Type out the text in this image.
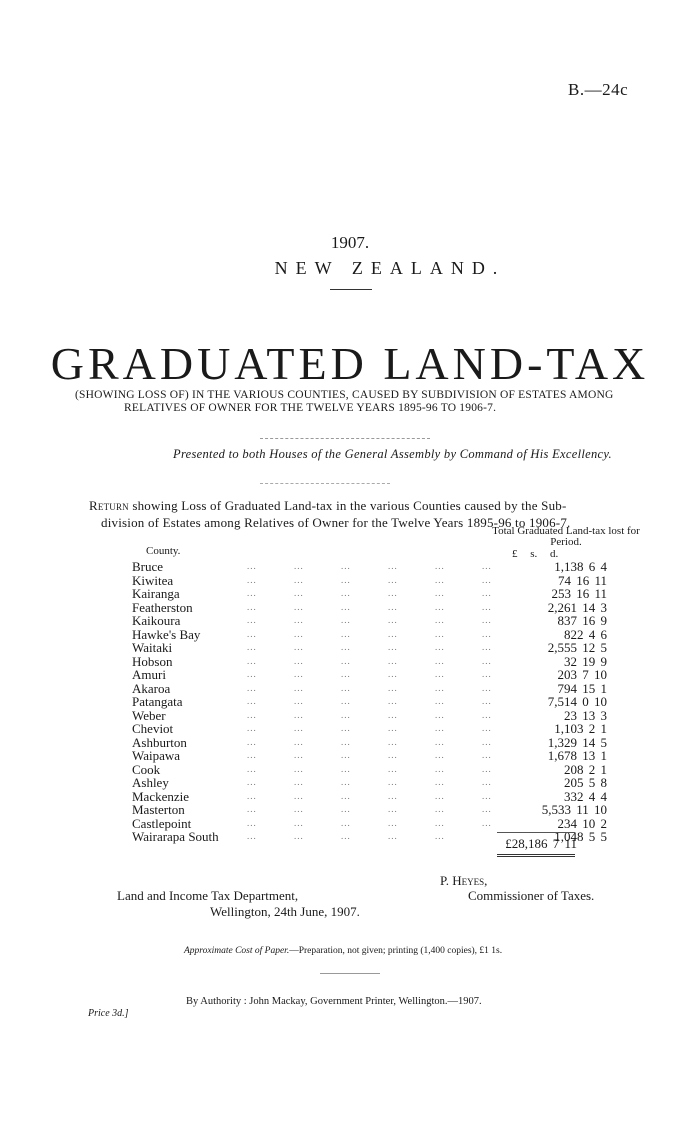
B.—24c
1907.
NEW ZEALAND.
GRADUATED LAND-TAX
(SHOWING LOSS OF) IN THE VARIOUS COUNTIES, CAUSED BY SUBDIVISION OF ESTATES AMONG
RELATIVES OF OWNER FOR THE TWELVE YEARS 1895-96 TO 1906-7.
Presented to both Houses of the General Assembly by Command of His Excellency.
Return showing Loss of Graduated Land-tax in the various Counties caused by the Sub-
division of Estates among Relatives of Owner for the Twelve Years 1895-96 to 1906-7.
Total Graduated Land-tax lost for Period.
County.	£ s. d.
Bruce	... ... ... ... ... ...	1,138 6 4
Kiwitea	... ... ... ... ... ...	74 16 11
Kairanga	... ... ... ... ... ...	253 16 11
Featherston	... ... ... ... ... ...	2,261 14 3
Kaikoura	... ... ... ... ... ...	837 16 9
Hawke's Bay	... ... ... ... ... ...	822 4 6
Waitaki	... ... ... ... ... ...	2,555 12 5
Hobson	... ... ... ... ... ...	32 19 9
Amuri	... ... ... ... ... ...	203 7 10
Akaroa	... ... ... ... ... ...	794 15 1
Patangata	... ... ... ... ... ...	7,514 0 10
Weber	... ... ... ... ... ...	23 13 3
Cheviot	... ... ... ... ... ...	1,103 2 1
Ashburton	... ... ... ... ... ...	1,329 14 5
Waipawa	... ... ... ... ... ...	1,678 13 1
Cook	... ... ... ... ... ...	208 2 1
Ashley	... ... ... ... ... ...	205 5 8
Mackenzie	... ... ... ... ... ...	332 4 4
Masterton	... ... ... ... ... ...	5,533 11 10
Castlepoint	... ... ... ... ... ...	234 10 2
Wairarapa South	... ... ... ... ...	1,048 5 5
£28,186 7 11
P. Heyes,
Commissioner of Taxes.
Land and Income Tax Department,
Wellington, 24th June, 1907.
Approximate Cost of Paper.—Preparation, not given; printing (1,400 copies), £1 1s.
By Authority : John Mackay, Government Printer, Wellington.—1907.
Price 3d.]
